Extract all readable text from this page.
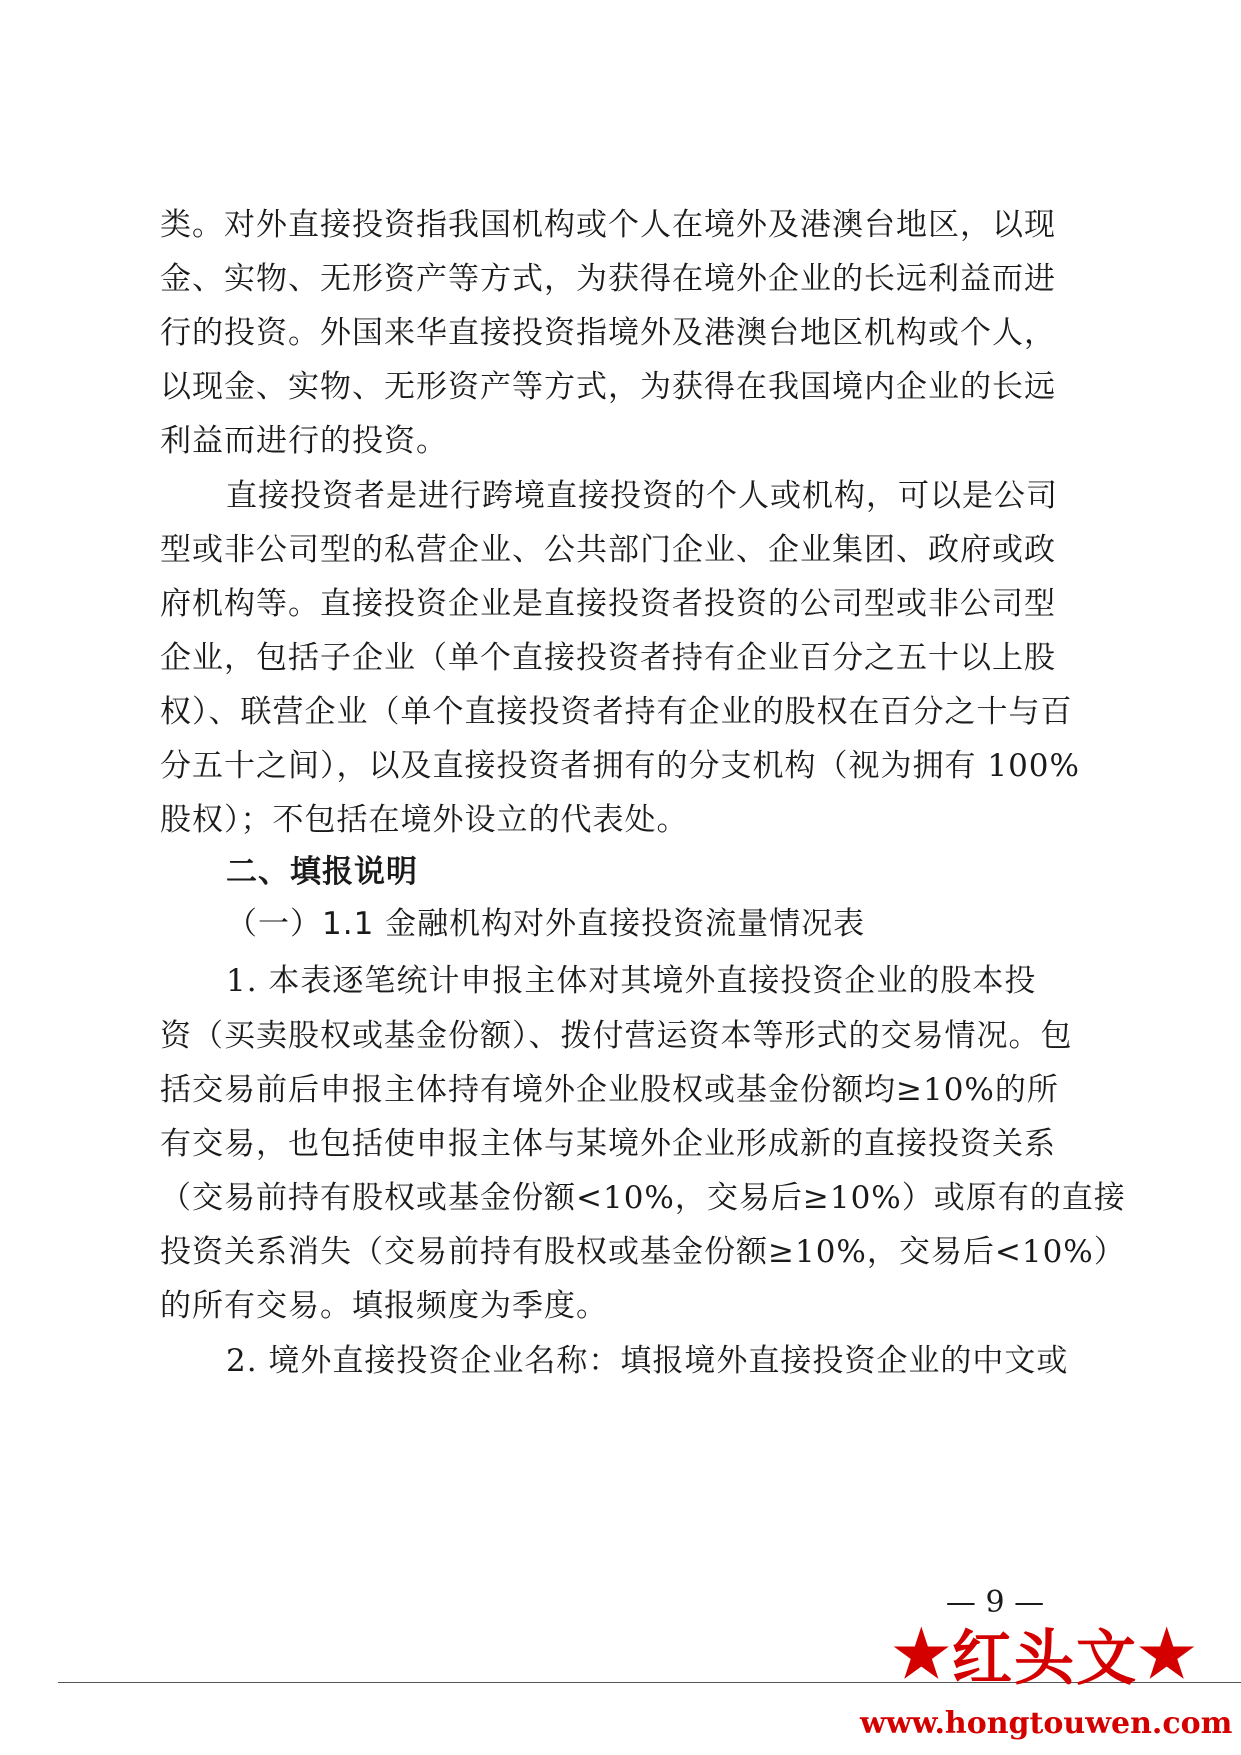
类。对外直接投资指我国机构或个人在境外及港澳台地区，以现
金、实物、无形资产等方式，为获得在境外企业的长远利益而进
行的投资。外国来华直接投资指境外及港澳台地区机构或个人，
以现金、实物、无形资产等方式，为获得在我国境内企业的长远
利益而进行的投资。
直接投资者是进行跨境直接投资的个人或机构，可以是公司
型或非公司型的私营企业、公共部门企业、企业集团、政府或政
府机构等。直接投资企业是直接投资者投资的公司型或非公司型
企业，包括子企业（单个直接投资者持有企业百分之五十以上股
权）、联营企业（单个直接投资者持有企业的股权在百分之十与百
分五十之间），以及直接投资者拥有的分支机构（视为拥有 100%
股权）；不包括在境外设立的代表处。
二、填报说明
（一）1.1 金融机构对外直接投资流量情况表
1. 本表逐笔统计申报主体对其境外直接投资企业的股本投
资（买卖股权或基金份额）、拨付营运资本等形式的交易情况。包
括交易前后申报主体持有境外企业股权或基金份额均≥10%的所
有交易，也包括使申报主体与某境外企业形成新的直接投资关系
（交易前持有股权或基金份额<10%，交易后≥10%）或原有的直接
投资关系消失（交易前持有股权或基金份额≥10%，交易后<10%）
的所有交易。填报频度为季度。
2. 境外直接投资企业名称：填报境外直接投资企业的中文或
— 9 —
★ 红头文 ★
www.hongtouwen.com
